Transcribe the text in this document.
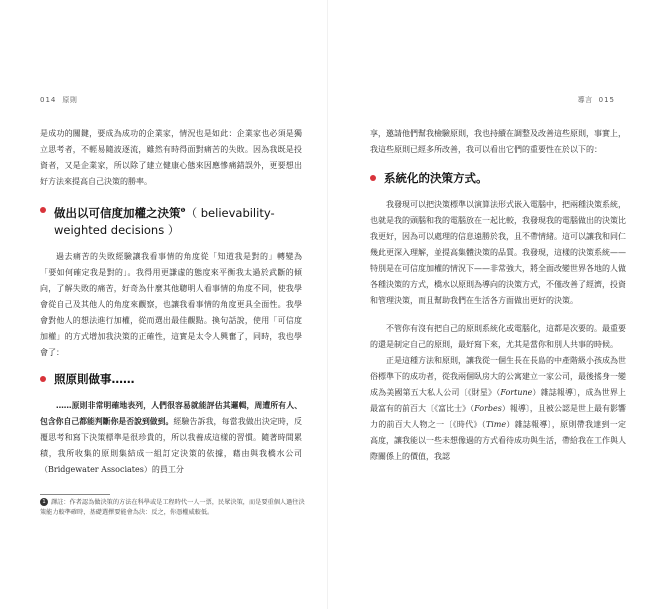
014 原則

是成功的關鍵，要成為成功的企業家，情況也是如此：企業家也必須是獨立思考者，不輕易隨波逐流，雖然有時得面對痛苦的失敗。因為我既是投資者，又是企業家，所以除了建立健康心態來因應慘痛錯誤外，更要想出好方法來提高自己決策的勝率。

做出以可信度加權之決策$^❶$（ believability-weighted decisions ）

過去痛苦的失敗經驗讓我看事情的角度從「知道我是對的」轉變為「要如何確定我是對的」。我得用更謙虛的態度來平衡我太過於武斷的傾向，了解失敗的痛苦，好奇為什麼其他聰明人看事情的角度不同，使我學會從自己及其他人的角度來觀察，也讓我看事情的角度更具全面性。我學會對他人的想法進行加權，從而選出最佳觀點。換句話說，使用「可信度加權」的方式增加我決策的正確性，這實是太令人興奮了，同時，我也學會了：

照原則做事……

……原則非常明確地表列，人們很容易就能評估其邏輯，周遭所有人、包含你自己都能判斷你是否說到做到。經驗告訴我，每當我做出決定時，反覆思考和寫下決策標準是很珍貴的，所以我養成這樣的習慣。隨著時間累積，我所收集的原則集結成一組訂定決策的依據，藉由與我橋水公司（Bridgewater Associates）的員工分

1 譯註：作者認為做決策的方法在科學或是工程時代一人一票，民眾決策，而是要重個人過往決策能力較準確時，基礎選擇要能會為決：反之，你憑權威較低。
導言 015

享，邀請他們幫我檢驗原則，我也持續在調整及改善這些原則，事實上，我這些原則已經多所改善，我可以看出它們的重要性在於以下的：

系統化的決策方式。

我發現可以把決策標準以演算法形式嵌入電腦中，把兩種決策系統，也就是我的頭腦和我的電腦放在一起比較，我發現我的電腦做出的決策比我更好，因為可以處理的信息遠勝於我，且不帶情緒。這可以讓我和同仁幾此更深入理解，並提高集體決策的品質。我發現，這樣的決策系統——特別是在可信度加權的情況下——非常強大，將全面改變世界各地的人做各種決策的方式，橋水以原則為導向的決策方式，不僅改善了經濟，投資和管理決策，而且幫助我們在生活各方面做出更好的決策。

不管你有沒有把自己的原則系統化或電腦化，這都是次要的。最重要的還是制定自己的原則，最好寫下來，尤其是當你和別人共事的時候。

正是這種方法和原則，讓我從一個生長在長島的中產階級小孩成為世俗標準下的成功者，從我兩個臥房大的公寓建立一家公司，最後搖身一變成為美國第五大私人公司〔《財星》（Fortune）雜誌報導〕，成為世界上最富有的前百大〔《富比士》（Forbes）報導〕，且被公認是世上最有影響力的前百大人物之一〔《時代》（Time）雜誌報導〕，原則帶我達到一定高度，讓我能以一些未想像過的方式看待成功與生活，帶給我在工作與人際關係上的價值，我認
